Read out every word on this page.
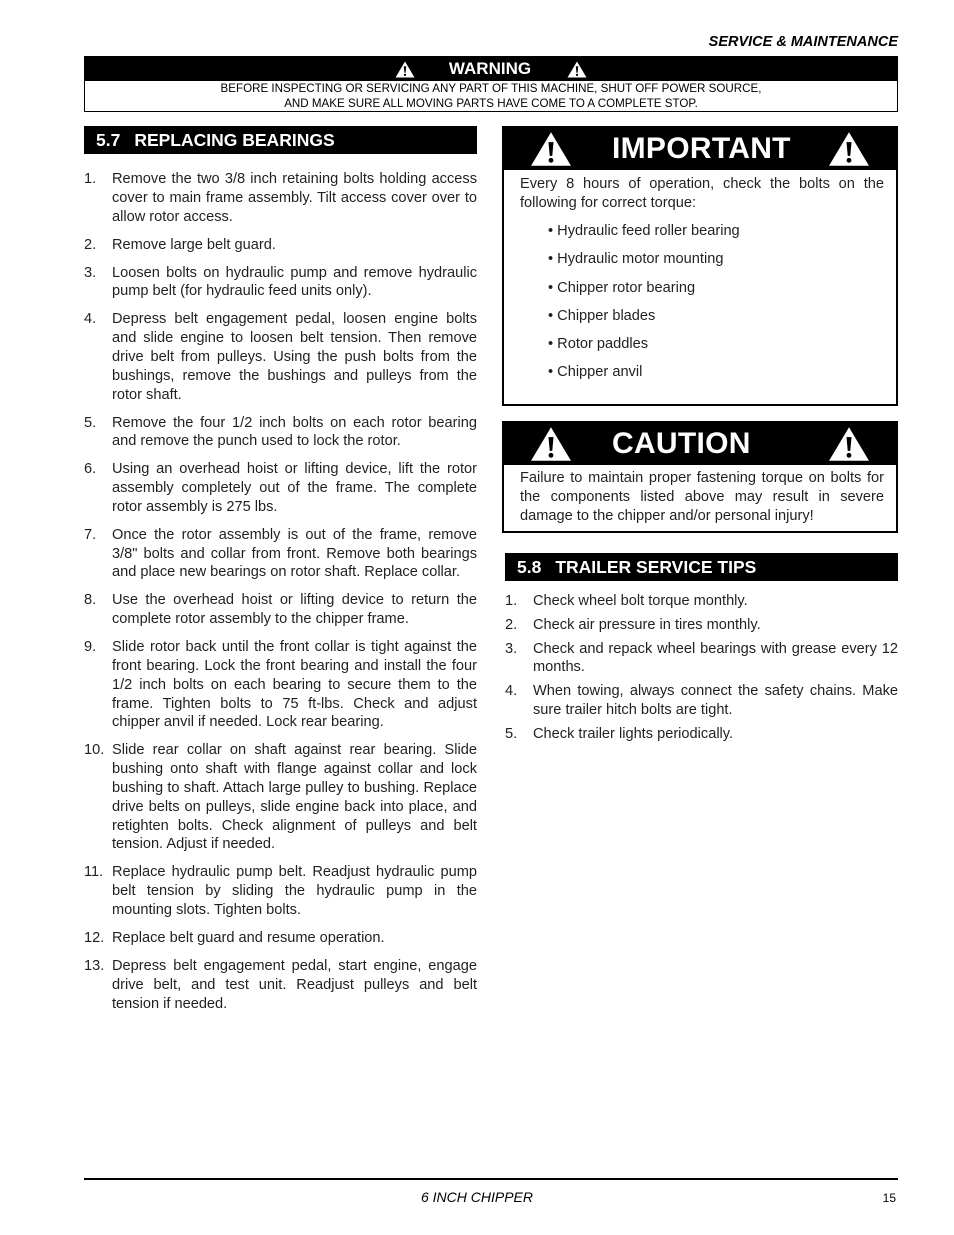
SERVICE & MAINTENANCE
WARNING
BEFORE INSPECTING OR SERVICING ANY PART OF THIS MACHINE, SHUT OFF POWER SOURCE,
AND MAKE SURE ALL MOVING PARTS HAVE COME TO A COMPLETE STOP.
5.7 REPLACING BEARINGS
1. Remove the two 3/8 inch retaining bolts holding access cover to main frame assembly. Tilt access cover over to allow rotor access.
2. Remove large belt guard.
3. Loosen bolts on hydraulic pump and remove hydraulic pump belt (for hydraulic feed units only).
4. Depress belt engagement pedal, loosen engine bolts and slide engine to loosen belt tension. Then remove drive belt from pulleys. Using the push bolts from the bushings, remove the bushings and pulleys from the rotor shaft.
5. Remove the four 1/2 inch bolts on each rotor bearing and remove the punch used to lock the rotor.
6. Using an overhead hoist or lifting device, lift the rotor assembly completely out of the frame. The complete rotor assembly is 275 lbs.
7. Once the rotor assembly is out of the frame, remove 3/8" bolts and collar from front. Remove both bearings and place new bearings on rotor shaft. Replace collar.
8. Use the overhead hoist or lifting device to return the complete rotor assembly to the chipper frame.
9. Slide rotor back until the front collar is tight against the front bearing. Lock the front bearing and install the four 1/2 inch bolts on each bearing to secure them to the frame. Tighten bolts to 75 ft-lbs. Check and adjust chipper anvil if needed. Lock rear bearing.
10. Slide rear collar on shaft against rear bearing. Slide bushing onto shaft with flange against collar and lock bushing to shaft. Attach large pulley to bushing. Replace drive belts on pulleys, slide engine back into place, and retighten bolts. Check alignment of pulleys and belt tension. Adjust if needed.
11. Replace hydraulic pump belt. Readjust hydraulic pump belt tension by sliding the hydraulic pump in the mounting slots. Tighten bolts.
12. Replace belt guard and resume operation.
13. Depress belt engagement pedal, start engine, engage drive belt, and test unit. Readjust pulleys and belt tension if needed.
IMPORTANT
Every 8 hours of operation, check the bolts on the following for correct torque:
• Hydraulic feed roller bearing
• Hydraulic motor mounting
• Chipper rotor bearing
• Chipper blades
• Rotor paddles
• Chipper anvil
CAUTION
Failure to maintain proper fastening torque on bolts for the components listed above may result in severe damage to the chipper and/or personal injury!
5.8 TRAILER SERVICE TIPS
1. Check wheel bolt torque monthly.
2. Check air pressure in tires monthly.
3. Check and repack wheel bearings with grease every 12 months.
4. When towing, always connect the safety chains. Make sure trailer hitch bolts are tight.
5. Check trailer lights periodically.
6 INCH CHIPPER	15
